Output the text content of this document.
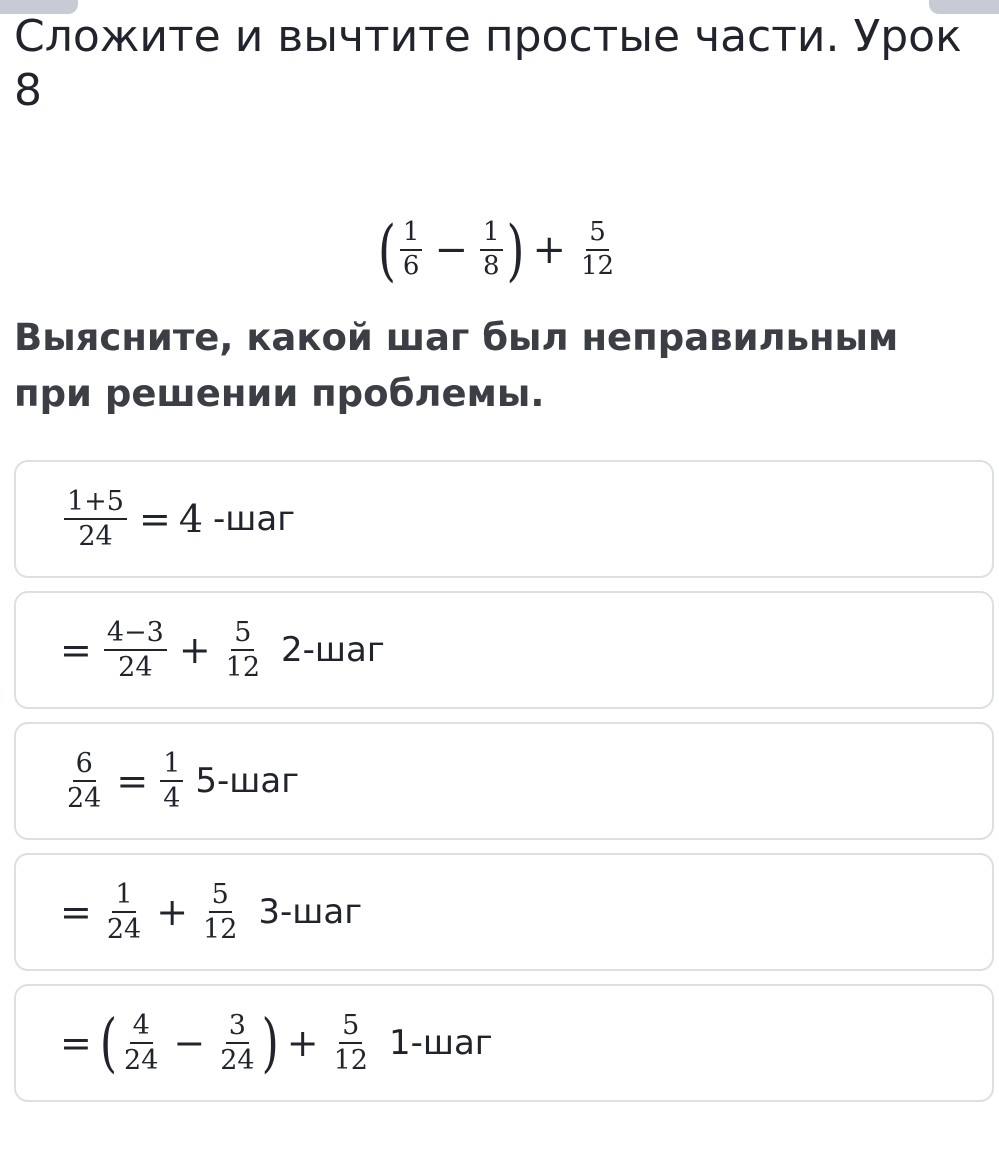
Сложите и вычтите простые части. Урок 8
( $\frac{1}{6} - \frac{1}{8}$ ) + $\frac{5}{12}$

Выясните, какой шаг был неправильным при решении проблемы.

$\frac{1+5}{24} = 4$ -шаг
= $\frac{4-3}{24} + \frac{5}{12} 2-шаг$
$\frac{6}{24} = \frac{1}{4} 5-шаг$
= $\frac{1}{24} + \frac{5}{12} 3-шаг$
= ( $\frac{4}{24} - \frac{3}{24}$ ) + $\frac{5}{12} 1-шаг$
